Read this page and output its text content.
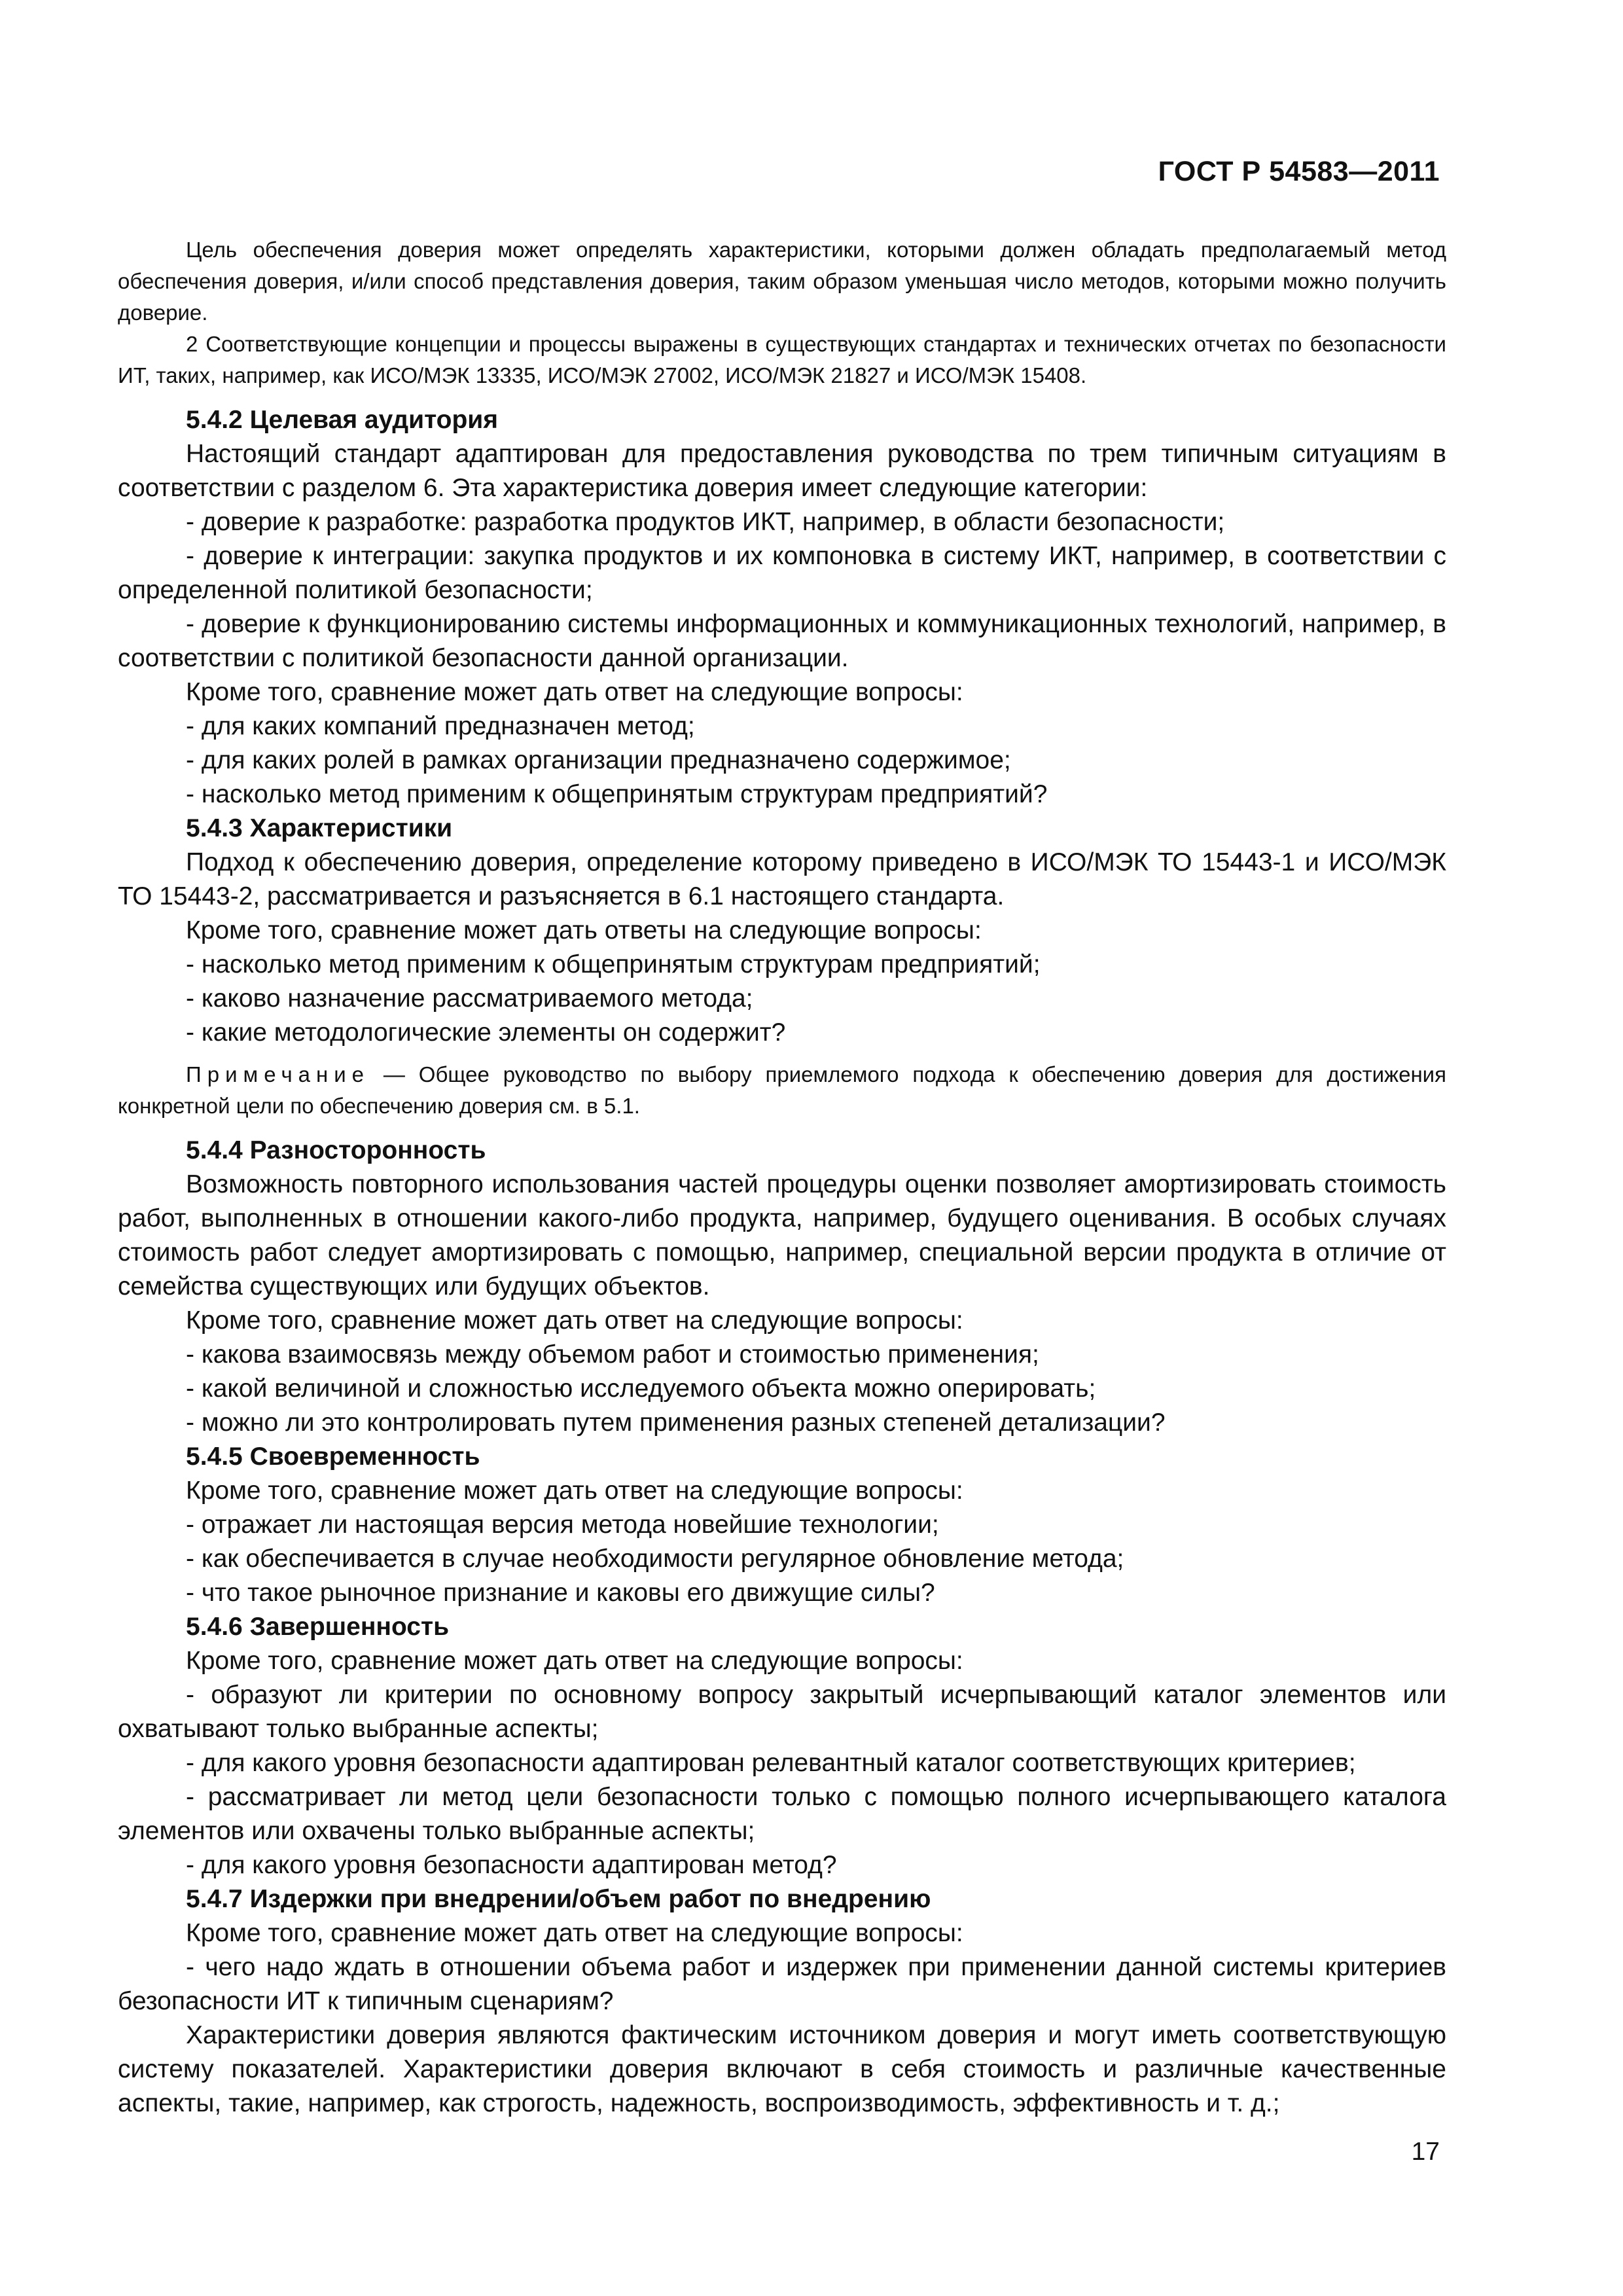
ГОСТ Р 54583—2011

Цель обеспечения доверия может определять характеристики, которыми должен обладать предполагаемый метод обеспечения доверия, и/или способ представления доверия, таким образом уменьшая число методов, которыми можно получить доверие.

2 Соответствующие концепции и процессы выражены в существующих стандартах и технических отчетах по безопасности ИТ, таких, например, как ИСО/МЭК 13335, ИСО/МЭК 27002, ИСО/МЭК 21827 и ИСО/МЭК 15408.

5.4.2 Целевая аудитория

Настоящий стандарт адаптирован для предоставления руководства по трем типичным ситуациям в соответствии с разделом 6. Эта характеристика доверия имеет следующие категории:

- доверие к разработке: разработка продуктов ИКТ, например, в области безопасности;

- доверие к интеграции: закупка продуктов и их компоновка в систему ИКТ, например, в соответствии с определенной политикой безопасности;

- доверие к функционированию системы информационных и коммуникационных технологий, например, в соответствии с политикой безопасности данной организации.

Кроме того, сравнение может дать ответ на следующие вопросы:

- для каких компаний предназначен метод;

- для каких ролей в рамках организации предназначено содержимое;

- насколько метод применим к общепринятым структурам предприятий?

5.4.3 Характеристики

Подход к обеспечению доверия, определение которому приведено в ИСО/МЭК ТО 15443-1 и ИСО/МЭК ТО 15443-2, рассматривается и разъясняется в 6.1 настоящего стандарта.

Кроме того, сравнение может дать ответы на следующие вопросы:

- насколько метод применим к общепринятым структурам предприятий;

- каково назначение рассматриваемого метода;

- какие методологические элементы он содержит?

Примечание — Общее руководство по выбору приемлемого подхода к обеспечению доверия для достижения конкретной цели по обеспечению доверия см. в 5.1.

5.4.4 Разносторонность

Возможность повторного использования частей процедуры оценки позволяет амортизировать стоимость работ, выполненных в отношении какого-либо продукта, например, будущего оценивания. В особых случаях стоимость работ следует амортизировать с помощью, например, специальной версии продукта в отличие от семейства существующих или будущих объектов.

Кроме того, сравнение может дать ответ на следующие вопросы:

- какова взаимосвязь между объемом работ и стоимостью применения;

- какой величиной и сложностью исследуемого объекта можно оперировать;

- можно ли это контролировать путем применения разных степеней детализации?

5.4.5 Своевременность

Кроме того, сравнение может дать ответ на следующие вопросы:

- отражает ли настоящая версия метода новейшие технологии;

- как обеспечивается в случае необходимости регулярное обновление метода;

- что такое рыночное признание и каковы его движущие силы?

5.4.6 Завершенность

Кроме того, сравнение может дать ответ на следующие вопросы:

- образуют ли критерии по основному вопросу закрытый исчерпывающий каталог элементов или охватывают только выбранные аспекты;

- для какого уровня безопасности адаптирован релевантный каталог соответствующих критериев;

- рассматривает ли метод цели безопасности только с помощью полного исчерпывающего каталога элементов или охвачены только выбранные аспекты;

- для какого уровня безопасности адаптирован метод?

5.4.7 Издержки при внедрении/объем работ по внедрению

Кроме того, сравнение может дать ответ на следующие вопросы:

- чего надо ждать в отношении объема работ и издержек при применении данной системы критериев безопасности ИТ к типичным сценариям?

Характеристики доверия являются фактическим источником доверия и могут иметь соответствующую систему показателей. Характеристики доверия включают в себя стоимость и различные качественные аспекты, такие, например, как строгость, надежность, воспроизводимость, эффективность и т. д.;

17
